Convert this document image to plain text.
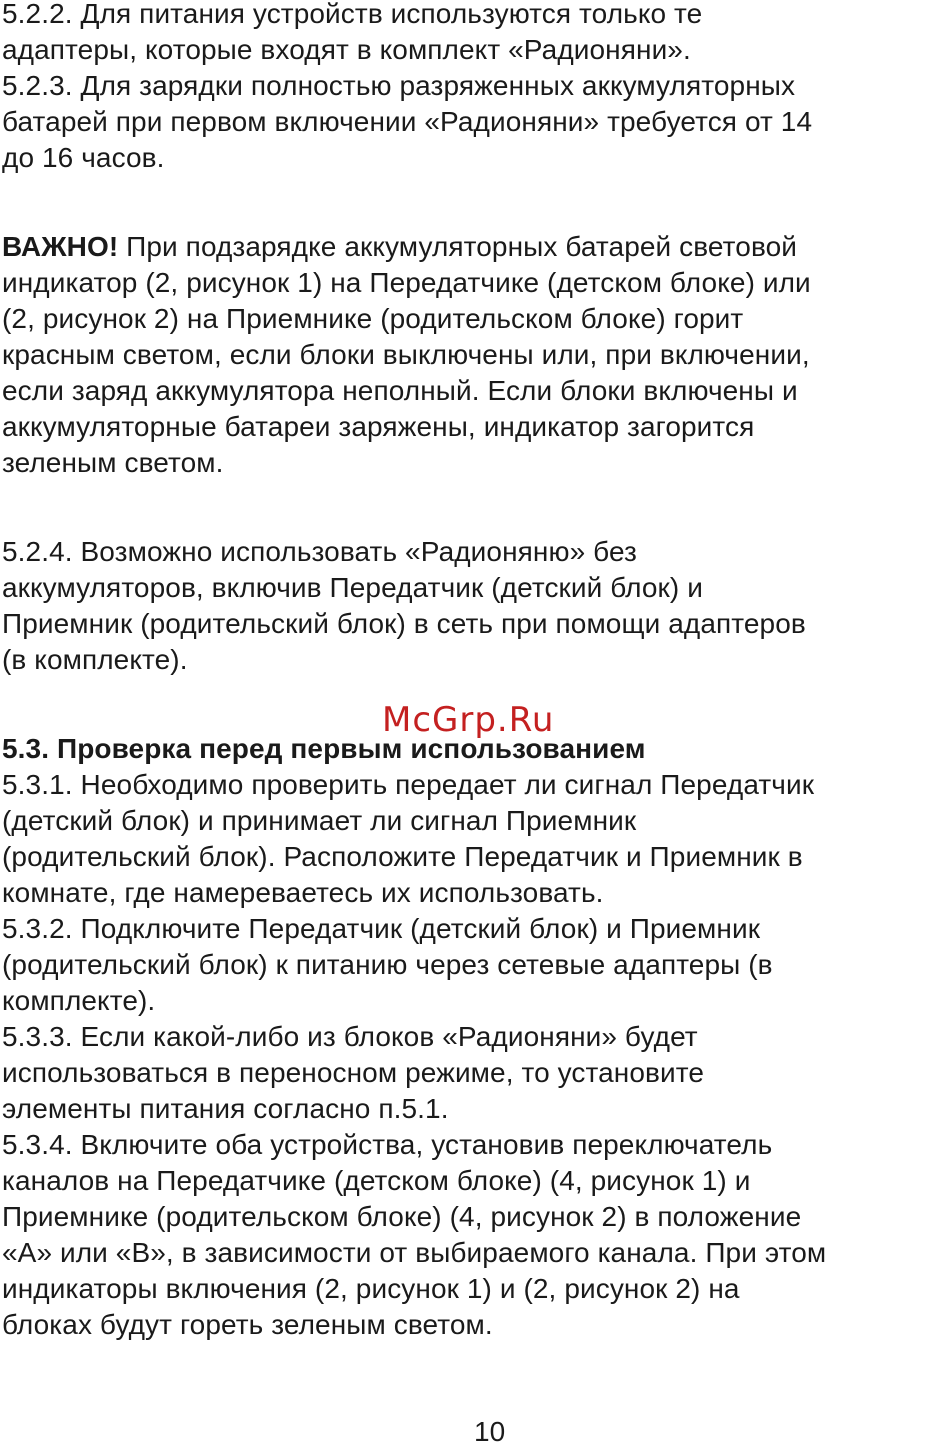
5.2.2. Для питания устройств используются только те
адаптеры, которые входят в комплект «Радионяни».
5.2.3. Для зарядки полностью разряженных аккумуляторных
батарей при первом включении «Радионяни» требуется от 14
до 16 часов.
ВАЖНО! При подзарядке аккумуляторных батарей световой
индикатор (2, рисунок 1) на Передатчике (детском блоке) или
(2, рисунок 2) на Приемнике (родительском блоке) горит
красным светом, если блоки выключены или, при включении,
если заряд аккумулятора неполный. Если блоки включены и
аккумуляторные батареи заряжены, индикатор загорится
зеленым светом.
5.2.4. Возможно использовать «Радионяню» без
аккумуляторов, включив Передатчик (детский блок) и
Приемник (родительский блок) в сеть при помощи адаптеров
(в комплекте).
McGrp.Ru
5.3. Проверка перед первым использованием
5.3.1. Необходимо проверить передает ли сигнал Передатчик
(детский блок) и принимает ли сигнал Приемник
(родительский блок). Расположите Передатчик и Приемник в
комнате, где намереваетесь их использовать.
5.3.2. Подключите Передатчик (детский блок) и Приемник
(родительский блок) к питанию через сетевые адаптеры (в
комплекте).
5.3.3. Если какой-либо из блоков «Радионяни» будет
использоваться в переносном режиме, то установите
элементы питания согласно п.5.1.
5.3.4. Включите оба устройства, установив переключатель
каналов на Передатчике (детском блоке) (4, рисунок 1) и
Приемнике (родительском блоке) (4, рисунок 2) в положение
«A» или «B», в зависимости от выбираемого канала. При этом
индикаторы включения (2, рисунок 1) и (2, рисунок 2) на
блоках будут гореть зеленым светом.
10
